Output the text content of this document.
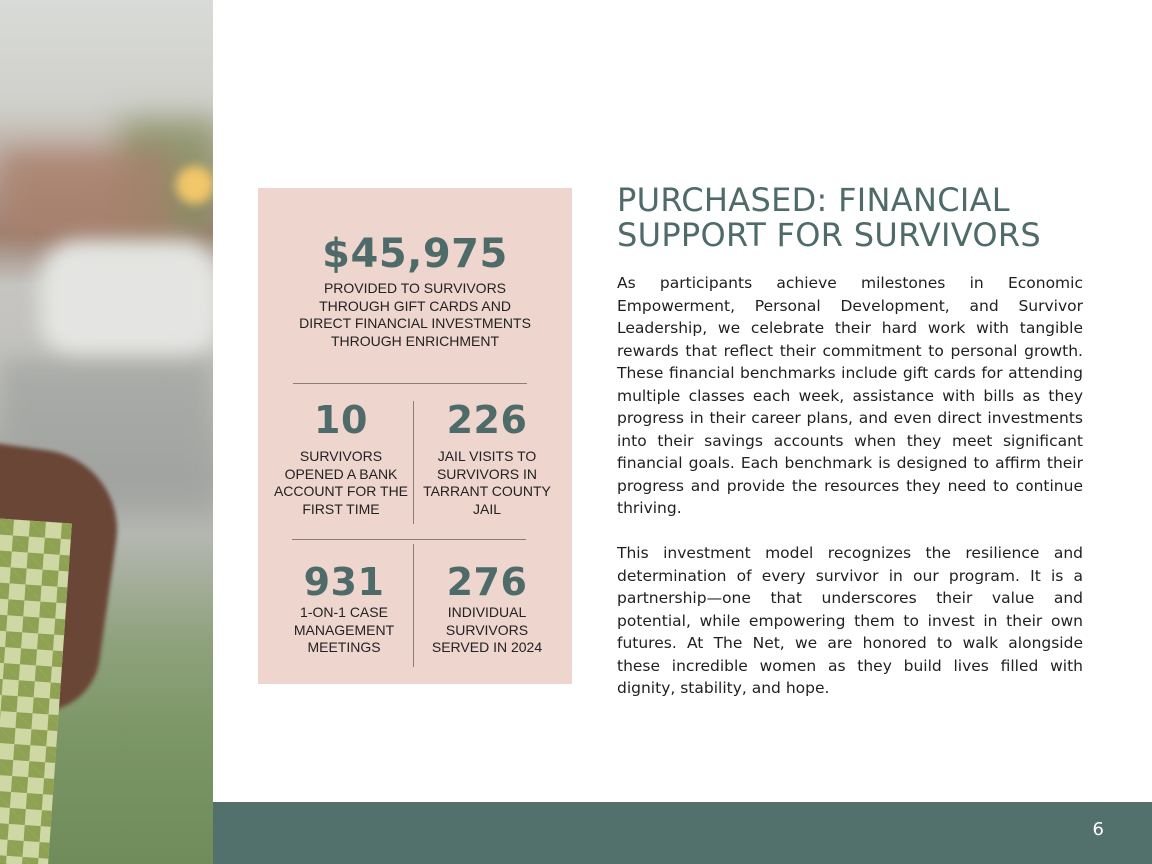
$45,975
PROVIDED TO SURVIVORS THROUGH GIFT CARDS AND DIRECT FINANCIAL INVESTMENTS THROUGH ENRICHMENT
10
SURVIVORS OPENED A BANK ACCOUNT FOR THE FIRST TIME
226
JAIL VISITS TO SURVIVORS IN TARRANT COUNTY JAIL
931
1-ON-1 CASE MANAGEMENT MEETINGS
276
INDIVIDUAL SURVIVORS SERVED IN 2024
PURCHASED: FINANCIAL SUPPORT FOR SURVIVORS

As participants achieve milestones in Economic Empowerment, Personal Development, and Survivor Leadership, we celebrate their hard work with tangible rewards that reflect their commitment to personal growth. These financial benchmarks include gift cards for attending multiple classes each week, assistance with bills as they progress in their career plans, and even direct investments into their savings accounts when they meet significant financial goals. Each benchmark is designed to affirm their progress and provide the resources they need to continue thriving.

This investment model recognizes the resilience and determination of every survivor in our program. It is a partnership—one that underscores their value and potential, while empowering them to invest in their own futures. At The Net, we are honored to walk alongside these incredible women as they build lives filled with dignity, stability, and hope.

6
